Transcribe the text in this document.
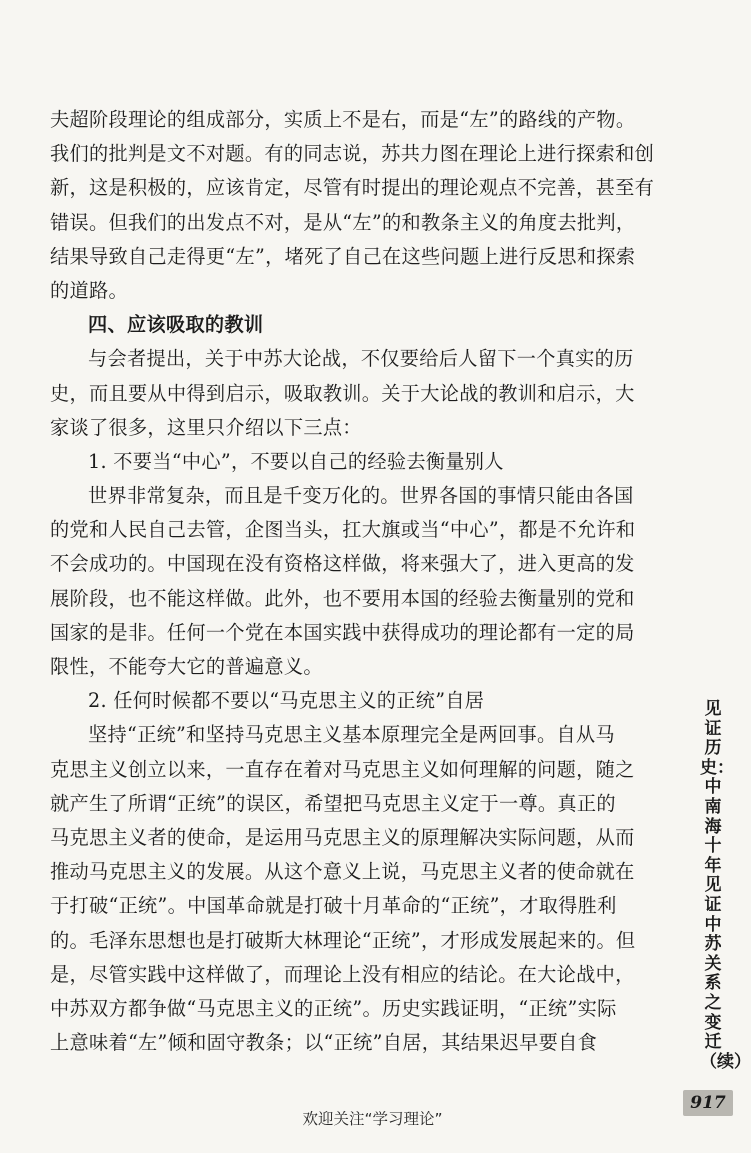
夫超阶段理论的组成部分，实质上不是右，而是“左”的路线的产物。
我们的批判是文不对题。有的同志说，苏共力图在理论上进行探索和创
新，这是积极的，应该肯定，尽管有时提出的理论观点不完善，甚至有
错误。但我们的出发点不对，是从“左”的和教条主义的角度去批判，
结果导致自己走得更“左”，堵死了自己在这些问题上进行反思和探索
的道路。
四、应该吸取的教训
与会者提出，关于中苏大论战，不仅要给后人留下一个真实的历
史，而且要从中得到启示，吸取教训。关于大论战的教训和启示，大
家谈了很多，这里只介绍以下三点：
1. 不要当“中心”，不要以自己的经验去衡量别人
世界非常复杂，而且是千变万化的。世界各国的事情只能由各国
的党和人民自己去管，企图当头，扛大旗或当“中心”，都是不允许和
不会成功的。中国现在没有资格这样做，将来强大了，进入更高的发
展阶段，也不能这样做。此外，也不要用本国的经验去衡量别的党和
国家的是非。任何一个党在本国实践中获得成功的理论都有一定的局
限性，不能夸大它的普遍意义。
2. 任何时候都不要以“马克思主义的正统”自居
坚持“正统”和坚持马克思主义基本原理完全是两回事。自从马
克思主义创立以来，一直存在着对马克思主义如何理解的问题，随之
就产生了所谓“正统”的误区，希望把马克思主义定于一尊。真正的
马克思主义者的使命，是运用马克思主义的原理解决实际问题，从而
推动马克思主义的发展。从这个意义上说，马克思主义者的使命就在
于打破“正统”。中国革命就是打破十月革命的“正统”，才取得胜利
的。毛泽东思想也是打破斯大林理论“正统”，才形成发展起来的。但
是，尽管实践中这样做了，而理论上没有相应的结论。在大论战中，
中苏双方都争做“马克思主义的正统”。历史实践证明，“正统”实际
上意味着“左”倾和固守教条；以“正统”自居，其结果迟早要自食
见证历史：中南海十年见证中苏关系之变迁（续）
917
欢迎关注“学习理论”
